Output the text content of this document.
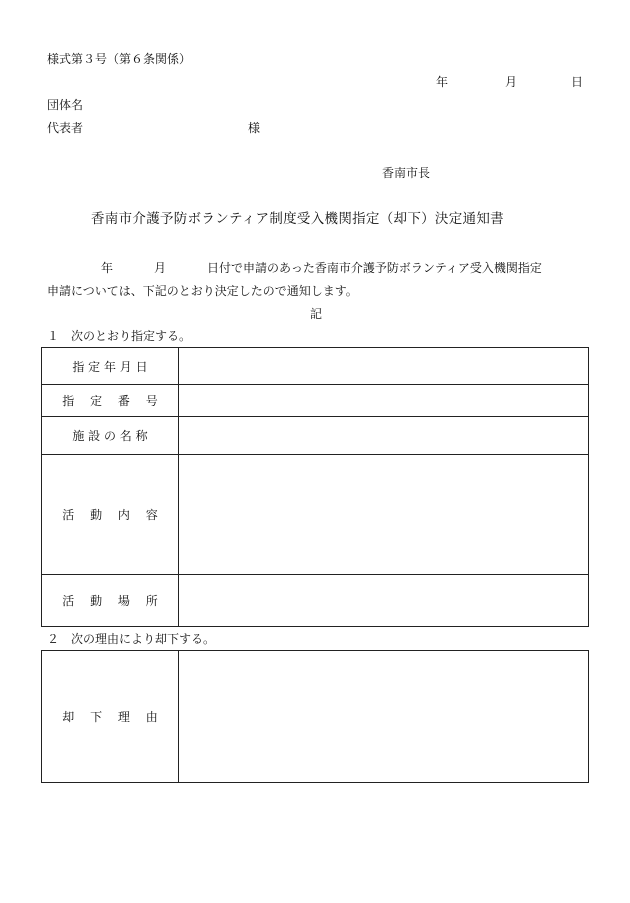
様式第３号（第６条関係）
年	月	日
団体名
代表者	様
香南市長
香南市介護予防ボランティア制度受入機関指定（却下）決定通知書
年	月	日付で申請のあった香南市介護予防ボランティア受入機関指定
申請については、下記のとおり決定したので通知します。
記
１　次のとおり指定する。
指 定 年 月 日
指　 定　 番　 号
施 設 の 名 称
活　 動　 内　 容
活　 動　 場　 所
２　次の理由により却下する。
却　 下　 理　 由
